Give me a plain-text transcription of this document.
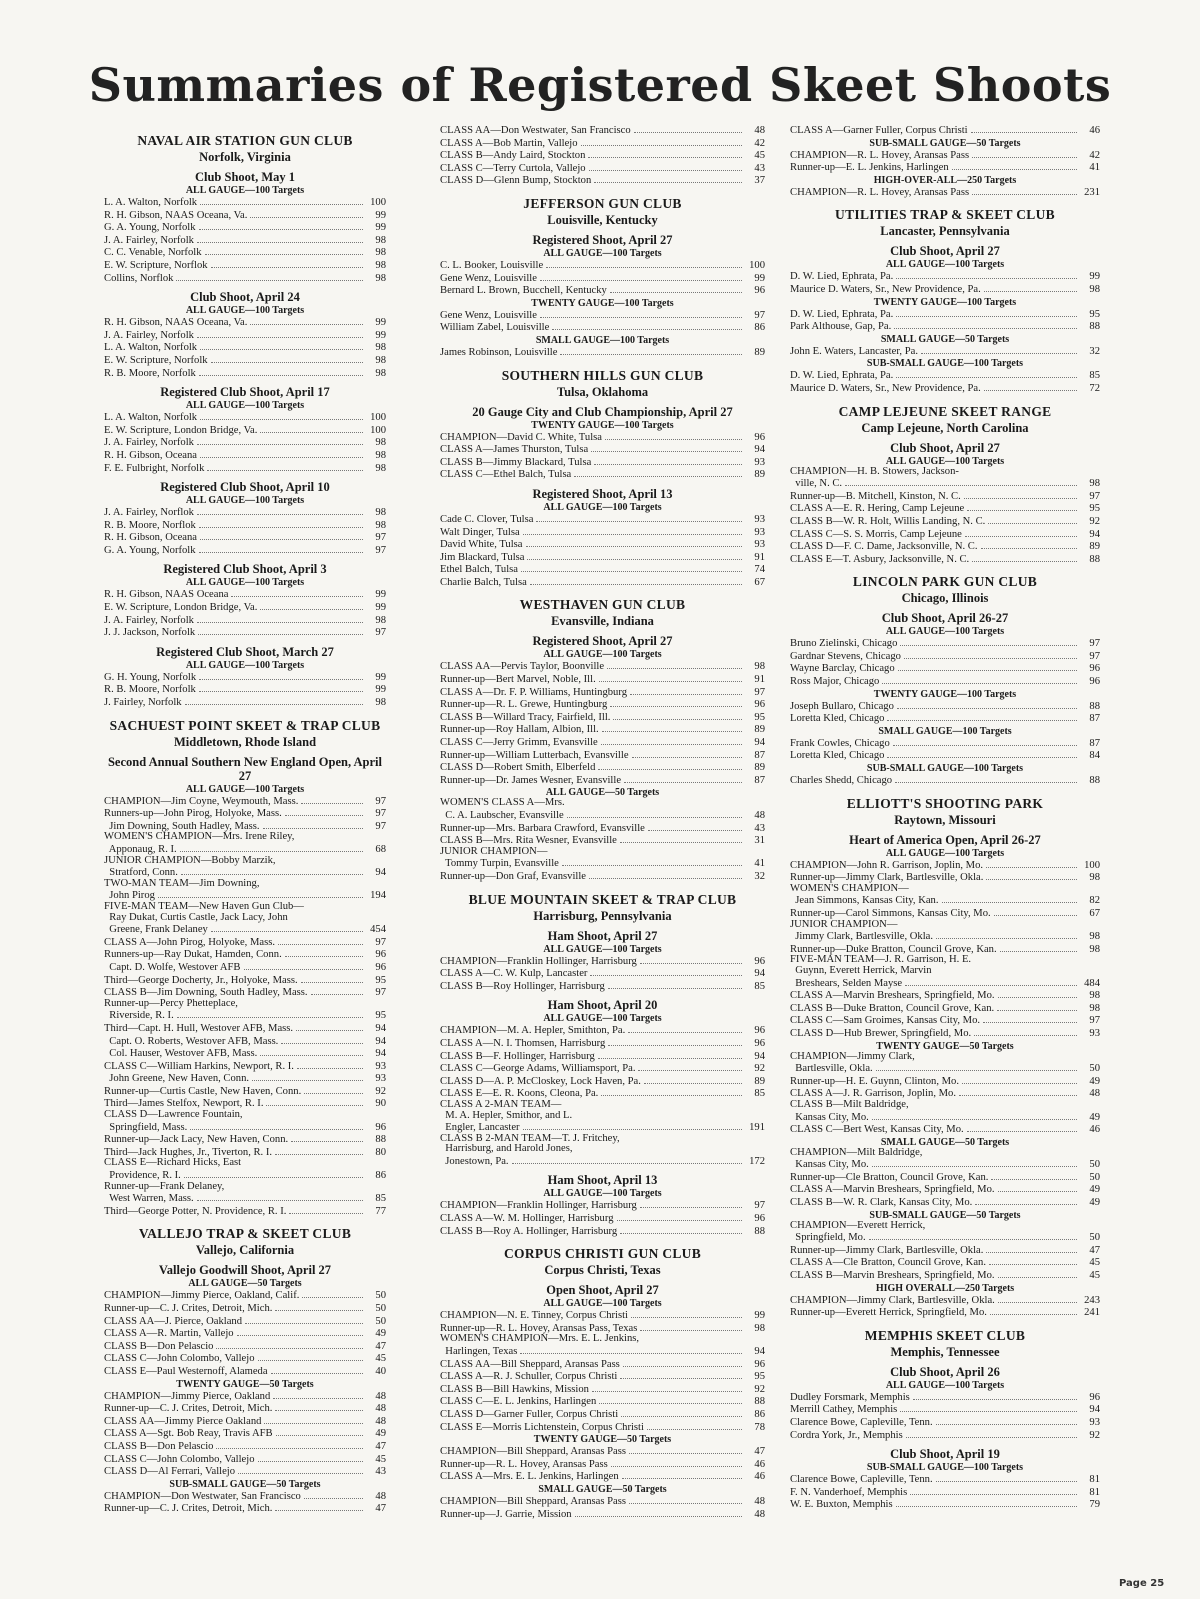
Summaries of Registered Skeet Shoots
NAVAL AIR STATION GUN CLUB
Norfolk, Virginia
Club Shoot, May 1
ALL GAUGE—100 Targets
L. A. Walton, Norfolk	100
R. H. Gibson, NAAS Oceana, Va.	99
G. A. Young, Norfolk	99
J. A. Fairley, Norfolk	98
C. C. Venable, Norfolk	98
E. W. Scripture, Norflok	98
Collins, Norflok	98
Club Shoot, April 24
ALL GAUGE—100 Targets
R. H. Gibson, NAAS Oceana, Va.	99
J. A. Fairley, Norfolk	99
L. A. Walton, Norfolk	98
E. W. Scripture, Norfolk	98
R. B. Moore, Norfolk	98
Registered Club Shoot, April 17
ALL GAUGE—100 Targets
L. A. Walton, Norfolk	100
E. W. Scripture, London Bridge, Va.	100
J. A. Fairley, Norfolk	98
R. H. Gibson, Oceana	98
F. E. Fulbright, Norfolk	98
Registered Club Shoot, April 10
ALL GAUGE—100 Targets
J. A. Fairley, Norflok	98
R. B. Moore, Norflok	98
R. H. Gibson, Oceana	97
G. A. Young, Norfolk	97
Registered Club Shoot, April 3
ALL GAUGE—100 Targets
R. H. Gibson, NAAS Oceana	99
E. W. Scripture, London Bridge, Va.	99
J. A. Fairley, Norfolk	98
J. J. Jackson, Norfolk	97
Registered Club Shoot, March 27
ALL GAUGE—100 Targets
G. H. Young, Norfolk	99
R. B. Moore, Norfolk	99
J. Fairley, Norfolk	98
SACHUEST POINT SKEET & TRAP CLUB
Middletown, Rhode Island
Second Annual Southern New England Open, April 27
ALL GAUGE—100 Targets
CHAMPION—Jim Coyne, Weymouth, Mass.	97
Runners-up—John Pirog, Holyoke, Mass.	97
Jim Downing, South Hadley, Mass.	97
WOMEN'S CHAMPION—Mrs. Irene Riley,
Apponaug, R. I.	68
JUNIOR CHAMPION—Bobby Marzik,
Stratford, Conn.	94
TWO-MAN TEAM—Jim Downing,
John Pirog	194
FIVE-MAN TEAM—New Haven Gun Club—
Ray Dukat, Curtis Castle, Jack Lacy, John
Greene, Frank Delaney	454
CLASS A—John Pirog, Holyoke, Mass.	97
Runners-up—Ray Dukat, Hamden, Conn.	96
Capt. D. Wolfe, Westover AFB	96
Third—George Docherty, Jr., Holyoke, Mass.	95
CLASS B—Jim Downing, South Hadley, Mass.	97
Runner-up—Percy Phetteplace,
Riverside, R. I.	95
Third—Capt. H. Hull, Westover AFB, Mass.	94
Capt. O. Roberts, Westover AFB, Mass.	94
Col. Hauser, Westover AFB, Mass.	94
CLASS C—William Harkins, Newport, R. I.	93
John Greene, New Haven, Conn.	93
Runner-up—Curtis Castle, New Haven, Conn.	92
Third—James Stelfox, Newport, R. I.	90
CLASS D—Lawrence Fountain,
Springfield, Mass.	96
Runner-up—Jack Lacy, New Haven, Conn.	88
Third—Jack Hughes, Jr., Tiverton, R. I.	80
CLASS E—Richard Hicks, East
Providence, R. I.	86
Runner-up—Frank Delaney,
West Warren, Mass.	85
Third—George Potter, N. Providence, R. I.	77
VALLEJO TRAP & SKEET CLUB
Vallejo, California
Vallejo Goodwill Shoot, April 27
ALL GAUGE—50 Targets
CHAMPION—Jimmy Pierce, Oakland, Calif.	50
Runner-up—C. J. Crites, Detroit, Mich.	50
CLASS AA—J. Pierce, Oakland	50
CLASS A—R. Martin, Vallejo	49
CLASS B—Don Pelascio	47
CLASS C—John Colombo, Vallejo	45
CLASS E—Paul Westernoff, Alameda	40
TWENTY GAUGE—50 Targets
CHAMPION—Jimmy Pierce, Oakland	48
Runner-up—C. J. Crites, Detroit, Mich.	48
CLASS AA—Jimmy Pierce Oakland	48
CLASS A—Sgt. Bob Reay, Travis AFB	49
CLASS B—Don Pelascio	47
CLASS C—John Colombo, Vallejo	45
CLASS D—Al Ferrari, Vallejo	43
SUB-SMALL GAUGE—50 Targets
CHAMPION—Don Westwater, San Francisco	48
Runner-up—C. J. Crites, Detroit, Mich.	47
CLASS AA—Don Westwater, San Francisco	48
CLASS A—Bob Martin, Vallejo	42
CLASS B—Andy Laird, Stockton	45
CLASS C—Terry Curtola, Vallejo	43
CLASS D—Glenn Bump, Stockton	37
JEFFERSON GUN CLUB
Louisville, Kentucky
Registered Shoot, April 27
ALL GAUGE—100 Targets
C. L. Booker, Louisville	100
Gene Wenz, Louisville	99
Bernard L. Brown, Bucchell, Kentucky	96
TWENTY GAUGE—100 Targets
Gene Wenz, Louisville	97
William Zabel, Louisville	86
SMALL GAUGE—100 Targets
James Robinson, Louisville	89
SOUTHERN HILLS GUN CLUB
Tulsa, Oklahoma
20 Gauge City and Club Championship, April 27
TWENTY GAUGE—100 Targets
CHAMPION—David C. White, Tulsa	96
CLASS A—James Thurston, Tulsa	94
CLASS B—Jimmy Blackard, Tulsa	93
CLASS C—Ethel Balch, Tulsa	89
Registered Shoot, April 13
ALL GAUGE—100 Targets
Cade C. Clover, Tulsa	93
Walt Dinger, Tulsa	93
David White, Tulsa	93
Jim Blackard, Tulsa	91
Ethel Balch, Tulsa	74
Charlie Balch, Tulsa	67
WESTHAVEN GUN CLUB
Evansville, Indiana
Registered Shoot, April 27
ALL GAUGE—100 Targets
CLASS AA—Pervis Taylor, Boonville	98
Runner-up—Bert Marvel, Noble, Ill.	91
CLASS A—Dr. F. P. Williams, Huntingburg	97
Runner-up—R. L. Grewe, Huntingburg	96
CLASS B—Willard Tracy, Fairfield, Ill.	95
Runner-up—Roy Hallam, Albion, Ill.	89
CLASS C—Jerry Grimm, Evansville	94
Runner-up—William Lutterbach, Evansville	87
CLASS D—Robert Smith, Elberfeld	89
Runner-up—Dr. James Wesner, Evansville	87
ALL GAUGE—50 Targets
WOMEN'S CLASS A—Mrs.
C. A. Laubscher, Evansville	48
Runner-up—Mrs. Barbara Crawford, Evansville	43
CLASS B—Mrs. Rita Wesner, Evansville	31
JUNIOR CHAMPION—
Tommy Turpin, Evansville	41
Runner-up—Don Graf, Evansville	32
BLUE MOUNTAIN SKEET & TRAP CLUB
Harrisburg, Pennsylvania
Ham Shoot, April 27
ALL GAUGE—100 Targets
CHAMPION—Franklin Hollinger, Harrisburg	96
CLASS A—C. W. Kulp, Lancaster	94
CLASS B—Roy Hollinger, Harrisburg	85
Ham Shoot, April 20
ALL GAUGE—100 Targets
CHAMPION—M. A. Hepler, Smithton, Pa.	96
CLASS A—N. I. Thomsen, Harrisburg	96
CLASS B—F. Hollinger, Harrisburg	94
CLASS C—George Adams, Williamsport, Pa.	92
CLASS D—A. P. McCloskey, Lock Haven, Pa.	89
CLASS E—E. R. Koons, Cleona, Pa.	85
CLASS A 2-MAN TEAM—
M. A. Hepler, Smithor, and L.
Engler, Lancaster	191
CLASS B 2-MAN TEAM—T. J. Fritchey,
Harrisburg, and Harold Jones,
Jonestown, Pa.	172
Ham Shoot, April 13
ALL GAUGE—100 Targets
CHAMPION—Franklin Hollinger, Harrisburg	97
CLASS A—W. M. Hollinger, Harrisburg	96
CLASS B—Roy A. Hollinger, Harrisburg	88
CORPUS CHRISTI GUN CLUB
Corpus Christi, Texas
Open Shoot, April 27
ALL GAUGE—100 Targets
CHAMPION—N. E. Tinney, Corpus Christi	99
Runner-up—R. L. Hovey, Aransas Pass, Texas	98
WOMEN'S CHAMPION—Mrs. E. L. Jenkins,
Harlingen, Texas	94
CLASS AA—Bill Sheppard, Aransas Pass	96
CLASS A—R. J. Schuller, Corpus Christi	95
CLASS B—Bill Hawkins, Mission	92
CLASS C—E. L. Jenkins, Harlingen	88
CLASS D—Garner Fuller, Corpus Christi	86
CLASS E—Morris Lichtenstein, Corpus Christi	78
TWENTY GAUGE—50 Targets
CHAMPION—Bill Sheppard, Aransas Pass	47
Runner-up—R. L. Hovey, Aransas Pass	46
CLASS A—Mrs. E. L. Jenkins, Harlingen	46
SMALL GAUGE—50 Targets
CHAMPION—Bill Sheppard, Aransas Pass	48
Runner-up—J. Garrie, Mission	48
CLASS A—Garner Fuller, Corpus Christi	46
SUB-SMALL GAUGE—50 Targets
CHAMPION—R. L. Hovey, Aransas Pass	42
Runner-up—E. L. Jenkins, Harlingen	41
HIGH-OVER-ALL—250 Targets
CHAMPION—R. L. Hovey, Aransas Pass	231
UTILITIES TRAP & SKEET CLUB
Lancaster, Pennsylvania
Club Shoot, April 27
ALL GAUGE—100 Targets
D. W. Lied, Ephrata, Pa.	99
Maurice D. Waters, Sr., New Providence, Pa.	98
TWENTY GAUGE—100 Targets
D. W. Lied, Ephrata, Pa.	95
Park Althouse, Gap, Pa.	88
SMALL GAUGE—50 Targets
John E. Waters, Lancaster, Pa.	32
SUB-SMALL GAUGE—100 Targets
D. W. Lied, Ephrata, Pa.	85
Maurice D. Waters, Sr., New Providence, Pa.	72
CAMP LEJEUNE SKEET RANGE
Camp Lejeune, North Carolina
Club Shoot, April 27
ALL GAUGE—100 Targets
CHAMPION—H. B. Stowers, Jackson-
ville, N. C.	98
Runner-up—B. Mitchell, Kinston, N. C.	97
CLASS A—E. R. Hering, Camp Lejeune	95
CLASS B—W. R. Holt, Willis Landing, N. C.	92
CLASS C—S. S. Morris, Camp Lejeune	94
CLASS D—F. C. Dame, Jacksonville, N. C.	89
CLASS E—T. Asbury, Jacksonville, N. C.	88
LINCOLN PARK GUN CLUB
Chicago, Illinois
Club Shoot, April 26-27
ALL GAUGE—100 Targets
Bruno Zielinski, Chicago	97
Gardnar Stevens, Chicago	97
Wayne Barclay, Chicago	96
Ross Major, Chicago	96
TWENTY GAUGE—100 Targets
Joseph Bullaro, Chicago	88
Loretta Kled, Chicago	87
SMALL GAUGE—100 Targets
Frank Cowles, Chicago	87
Loretta Kled, Chicago	84
SUB-SMALL GAUGE—100 Targets
Charles Shedd, Chicago	88
ELLIOTT'S SHOOTING PARK
Raytown, Missouri
Heart of America Open, April 26-27
ALL GAUGE—100 Targets
CHAMPION—John R. Garrison, Joplin, Mo.	100
Runner-up—Jimmy Clark, Bartlesville, Okla.	98
WOMEN'S CHAMPION—
Jean Simmons, Kansas City, Kan.	82
Runner-up—Carol Simmons, Kansas City, Mo.	67
JUNIOR CHAMPION—
Jimmy Clark, Bartlesville, Okla.	98
Runner-up—Duke Bratton, Council Grove, Kan.	98
FIVE-MAN TEAM—J. R. Garrison, H. E.
Guynn, Everett Herrick, Marvin
Breshears, Selden Mayse	484
CLASS A—Marvin Breshears, Springfield, Mo.	98
CLASS B—Duke Bratton, Council Grove, Kan.	98
CLASS C—Sam Groimes, Kansas City, Mo.	97
CLASS D—Hub Brewer, Springfield, Mo.	93
TWENTY GAUGE—50 Targets
CHAMPION—Jimmy Clark,
Bartlesville, Okla.	50
Runner-up—H. E. Guynn, Clinton, Mo.	49
CLASS A—J. R. Garrison, Joplin, Mo.	48
CLASS B—Milt Baldridge,
Kansas City, Mo.	49
CLASS C—Bert West, Kansas City, Mo.	46
SMALL GAUGE—50 Targets
CHAMPION—Milt Baldridge,
Kansas City, Mo.	50
Runner-up—Cle Bratton, Council Grove, Kan.	50
CLASS A—Marvin Breshears, Springfield, Mo.	49
CLASS B—W. R. Clark, Kansas City, Mo.	49
SUB-SMALL GAUGE—50 Targets
CHAMPION—Everett Herrick,
Springfield, Mo.	50
Runner-up—Jimmy Clark, Bartlesville, Okla.	47
CLASS A—Cle Bratton, Council Grove, Kan.	45
CLASS B—Marvin Breshears, Springfield, Mo.	45
HIGH OVERALL—250 Targets
CHAMPION—Jimmy Clark, Bartlesville, Okla.	243
Runner-up—Everett Herrick, Springfield, Mo.	241
MEMPHIS SKEET CLUB
Memphis, Tennessee
Club Shoot, April 26
ALL GAUGE—100 Targets
Dudley Forsmark, Memphis	96
Merrill Cathey, Memphis	94
Clarence Bowe, Capleville, Tenn.	93
Cordra York, Jr., Memphis	92
Club Shoot, April 19
SUB-SMALL GAUGE—100 Targets
Clarence Bowe, Capleville, Tenn.	81
F. N. Vanderhoef, Memphis	81
W. E. Buxton, Memphis	79
Page 25
